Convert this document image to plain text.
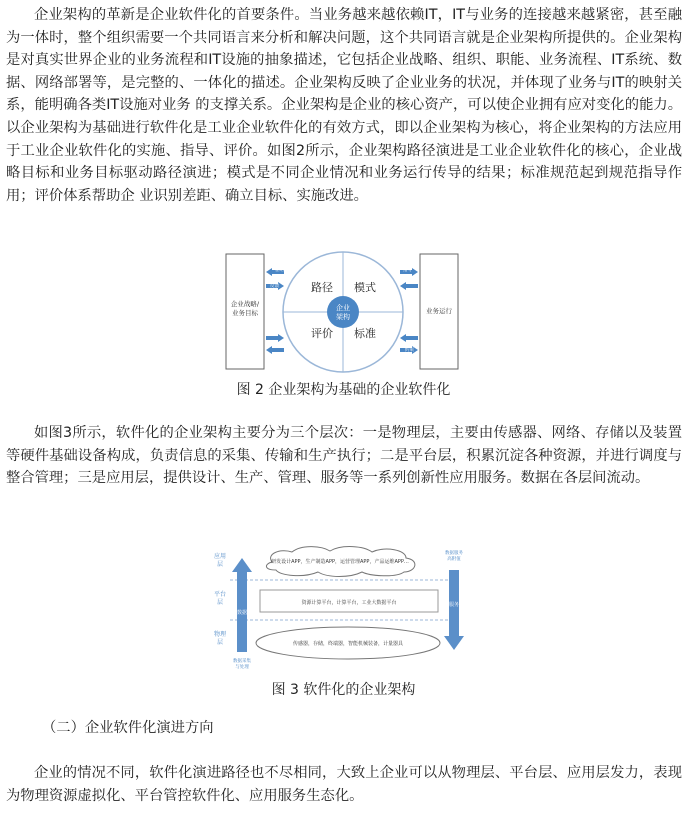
企业架构的革新是企业软件化的首要条件。当业务越来越依赖IT，IT与业务的连接越来越紧密，甚至融为一体时，整个组织需要一个共同语言来分析和解决问题，这个共同语言就是企业架构所提供的。企业架构是对真实世界企业的业务流程和IT设施的抽象描述，它包括企业战略、组织、职能、业务流程、IT系统、数据、网络部署等，是完整的、一体化的描述。企业架构反映了企业业务的状况，并体现了业务与IT的映射关系，能明确各类IT设施对业务 的支撑关系。企业架构是企业的核心资产，可以使企业拥有应对变化的能力。以企业架构为基础进行软件化是工业企业软件化的有效方式，即以企业架构为核心，将企业架构的方法应用于工业企业软件化的实施、指导、评价。如图2所示，企业架构路径演进是工业企业软件化的核心，企业战略目标和业务目标驱动路径演进；模式是不同企业情况和业务运行传导的结果；标准规范起到规范指导作用；评价体系帮助企 业识别差距、确立目标、实施改进。

企业战略/
业务目标	业务运行
企业
架构
路径 模式
评价 标准
驱动
反馈
指导
约束

图 2 企业架构为基础的企业软件化

如图3所示，软件化的企业架构主要分为三个层次：一是物理层，主要由传感器、网络、存储以及装置等硬件基础设备构成，负责信息的采集、传输和生产执行；二是平台层，积累沉淀各种资源，并进行调度与整合管理；三是应用层，提供设计、生产、管理、服务等一系列创新性应用服务。数据在各层间流动。

应用
层
平台
层
物理
层
研发设计APP，生产制造APP，运营管理APP，产品运维APP…
资源计算平台，计算平台，工业大数据平台
传感器，存储，终端器，智能机械装备，计量器具
数据
数据采集
与处理
服务
数据服务
高附值

图 3 软件化的企业架构

（二）企业软件化演进方向

企业的情况不同，软件化演进路径也不尽相同，大致上企业可以从物理层、平台层、应用层发力，表现为物理资源虚拟化、平台管控软件化、应用服务生态化。
